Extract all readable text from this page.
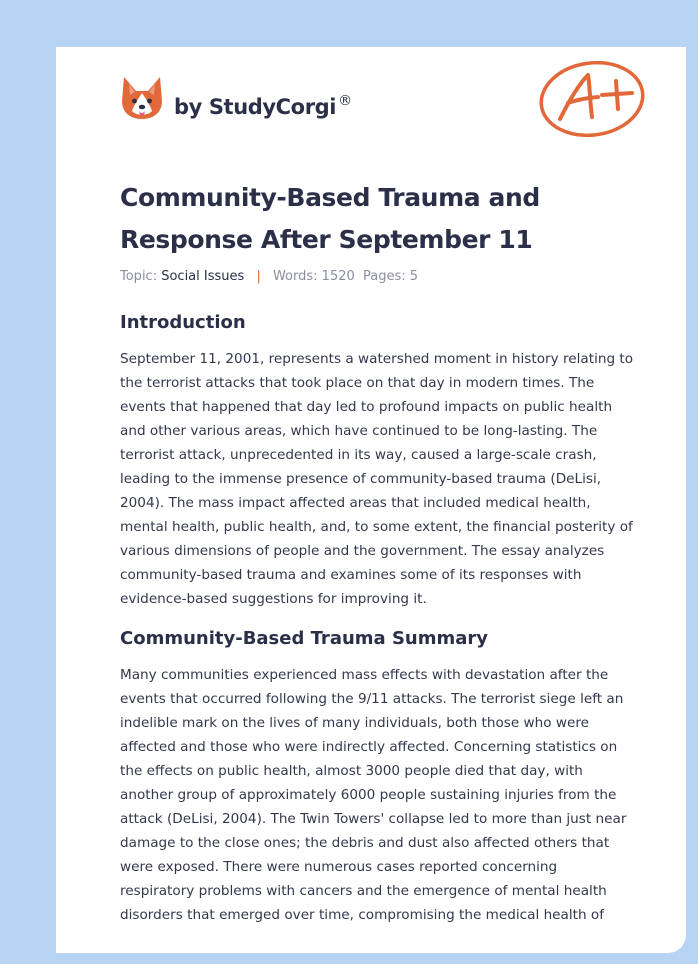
by StudyCorgi ®
Community-Based Trauma and Response After September 11
Topic: Social Issues | Words: 1520 Pages: 5
Introduction

September 11, 2001, represents a watershed moment in history relating to the terrorist attacks that took place on that day in modern times. The events that happened that day led to profound impacts on public health and other various areas, which have continued to be long-lasting. The terrorist attack, unprecedented in its way, caused a large-scale crash, leading to the immense presence of community-based trauma (DeLisi, 2004). The mass impact affected areas that included medical health, mental health, public health, and, to some extent, the financial posterity of various dimensions of people and the government. The essay analyzes community-based trauma and examines some of its responses with evidence-based suggestions for improving it.

Community-Based Trauma Summary

Many communities experienced mass effects with devastation after the events that occurred following the 9/11 attacks. The terrorist siege left an indelible mark on the lives of many individuals, both those who were affected and those who were indirectly affected. Concerning statistics on the effects on public health, almost 3000 people died that day, with another group of approximately 6000 people sustaining injuries from the attack (DeLisi, 2004). The Twin Towers' collapse led to more than just near damage to the close ones; the debris and dust also affected others that were exposed. There were numerous cases reported concerning respiratory problems with cancers and the emergence of mental health disorders that emerged over time, compromising the medical health of
